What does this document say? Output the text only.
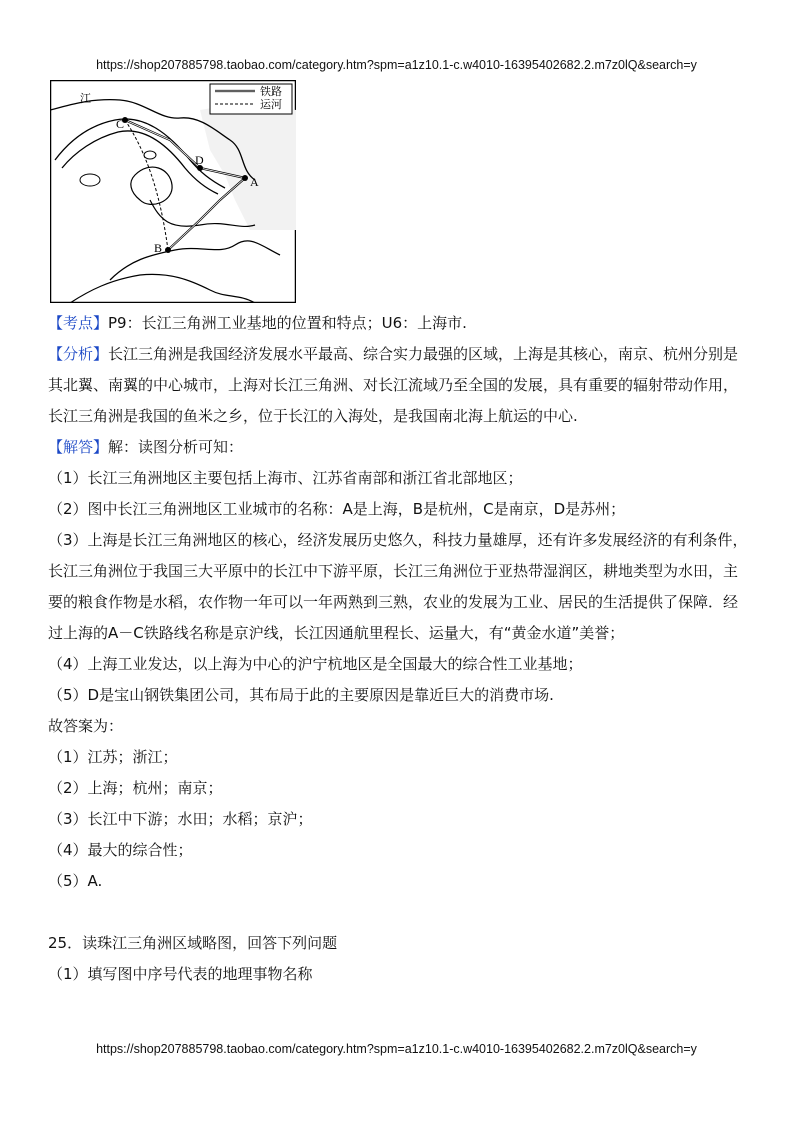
https://shop207885798.taobao.com/category.htm?spm=a1z10.1-c.w4010-16395402682.2.m7z0lQ&search=y
铁路
运河
A
B
C
D
江

【考点】P9：长江三角洲工业基地的位置和特点；U6：上海市.

【分析】长江三角洲是我国经济发展水平最高、综合实力最强的区域，上海是其核心，南京、杭州分别是其北翼、南翼的中心城市，上海对长江三角洲、对长江流域乃至全国的发展，具有重要的辐射带动作用，长江三角洲是我国的鱼米之乡，位于长江的入海处，是我国南北海上航运的中心.

【解答】解：读图分析可知：

（1）长江三角洲地区主要包括上海市、江苏省南部和浙江省北部地区；

（2）图中长江三角洲地区工业城市的名称：A是上海，B是杭州，C是南京，D是苏州；

（3）上海是长江三角洲地区的核心，经济发展历史悠久，科技力量雄厚，还有许多发展经济的有利条件，长江三角洲位于我国三大平原中的长江中下游平原，长江三角洲位于亚热带湿润区，耕地类型为水田，主要的粮食作物是水稻，农作物一年可以一年两熟到三熟，农业的发展为工业、居民的生活提供了保障．经过上海的A－C铁路线名称是京沪线，长江因通航里程长、运量大，有“黄金水道”美誉；

（4）上海工业发达，以上海为中心的沪宁杭地区是全国最大的综合性工业基地；

（5）D是宝山钢铁集团公司，其布局于此的主要原因是靠近巨大的消费市场.

故答案为：

（1）江苏；浙江；

（2）上海；杭州；南京；

（3）长江中下游；水田；水稻；京沪；

（4）最大的综合性；

（5）A.

25．读珠江三角洲区域略图，回答下列问题

（1）填写图中序号代表的地理事物名称

https://shop207885798.taobao.com/category.htm?spm=a1z10.1-c.w4010-16395402682.2.m7z0lQ&search=y
